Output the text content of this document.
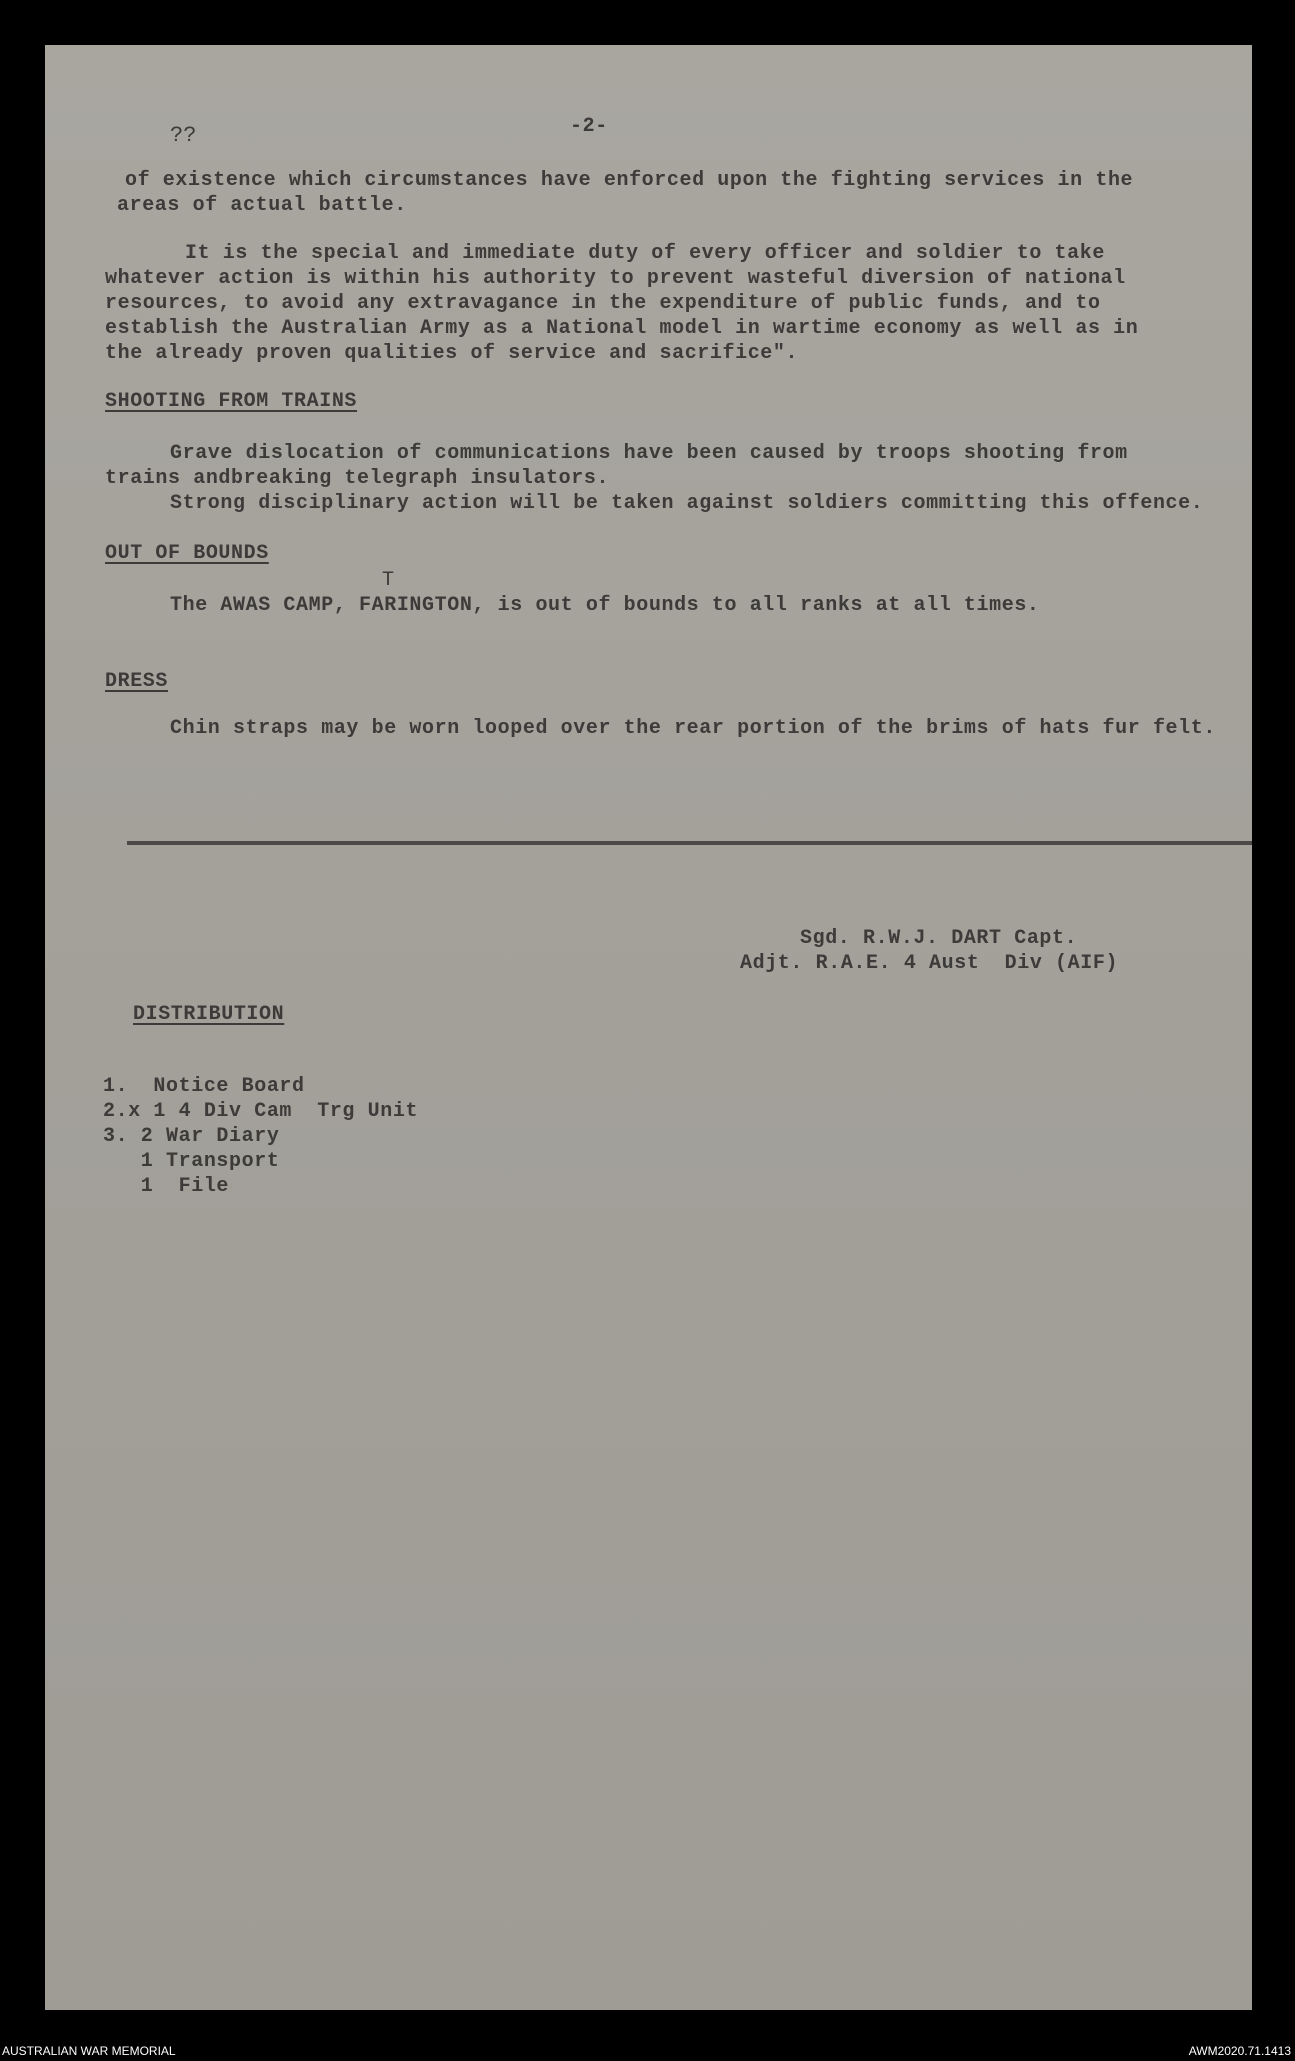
-2-
??
of existence which circumstances have enforced upon the fighting services in the
areas of actual battle.
It is the special and immediate duty of every officer and soldier to take
whatever action is within his authority to prevent wasteful diversion of national
resources, to avoid any extravagance in the expenditure of public funds, and to
establish the Australian Army as a National model in wartime economy as well as in
the already proven qualities of service and sacrifice".
SHOOTING FROM TRAINS
Grave dislocation of communications have been caused by troops shooting from
trains andbreaking telegraph insulators.
Strong disciplinary action will be taken against soldiers committing this offence.
OUT OF BOUNDS
T
The AWAS CAMP, FARINGTON, is out of bounds to all ranks at all times.
DRESS
Chin straps may be worn looped over the rear portion of the brims of hats fur felt.
Sgd. R.W.J. DART Capt.
Adjt. R.A.E. 4 Aust  Div (AIF)
DISTRIBUTION
1.  Notice Board
2.x 1 4 Div Cam  Trg Unit
3. 2 War Diary
1 Transport
1  File
AUSTRALIAN WAR MEMORIAL	AWM2020.71.1413
